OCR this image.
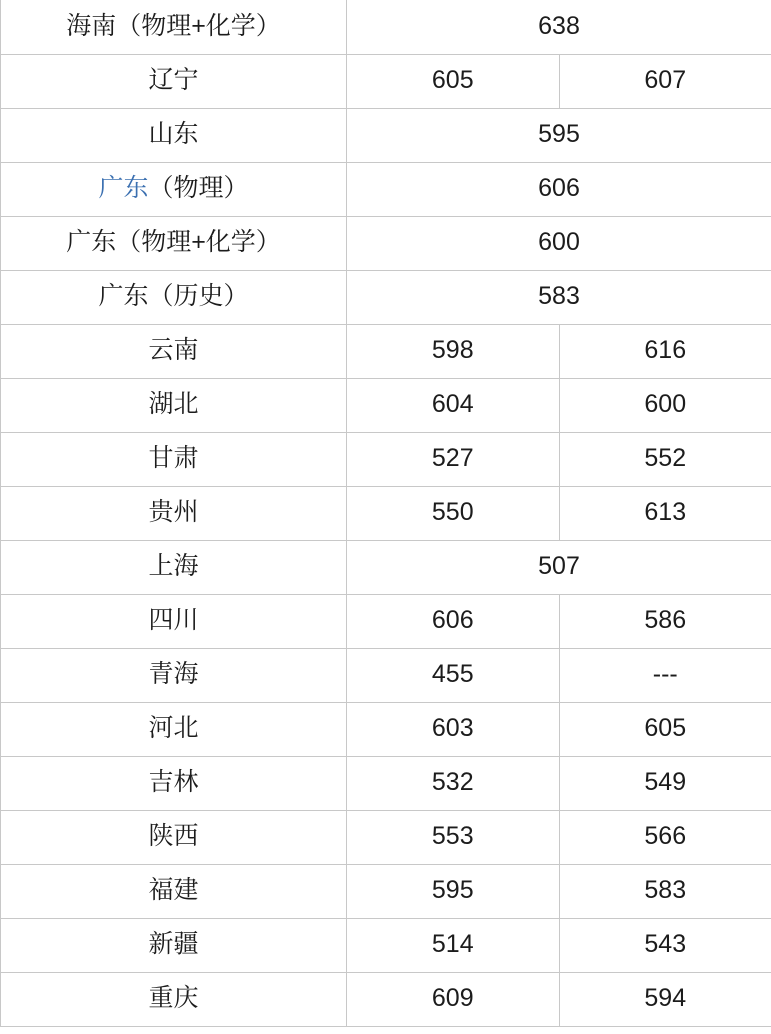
海南（物理+化学）	638	
辽宁	605	607
山东	595	
广东（物理）	606	
广东（物理+化学）	600	
广东（历史）	583	
云南	598	616
湖北	604	600
甘肃	527	552
贵州	550	613
上海	507	
四川	606	586
青海	455	---
河北	603	605
吉林	532	549
陕西	553	566
福建	595	583
新疆	514	543
重庆	609	594
